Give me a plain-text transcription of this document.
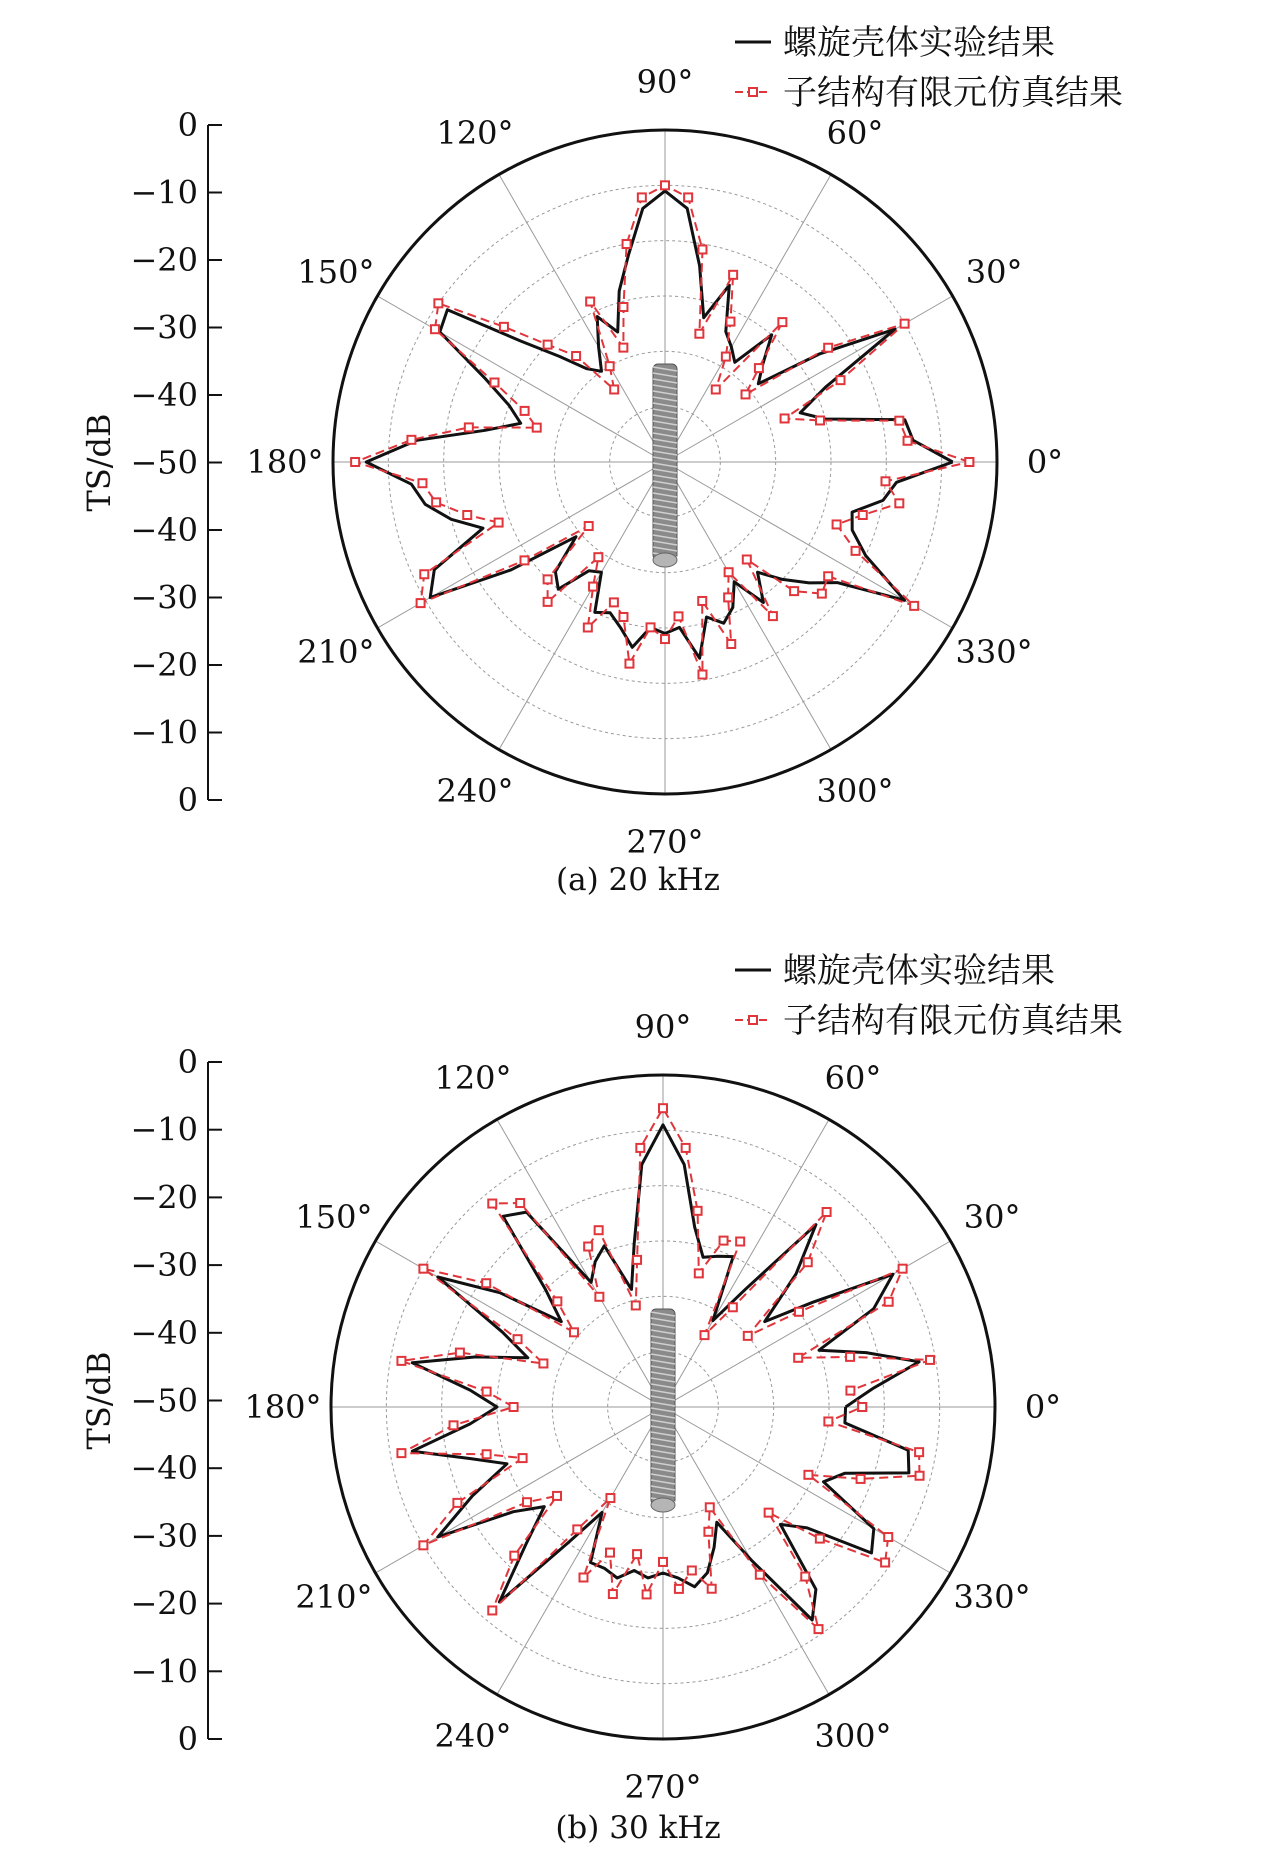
0°
30°
60°
90°
120°
150°
180°
210°
240°
270°
300°
330°
0
−10
−20
−30
−40
−50
−40
−30
−20
−10
0
TS/dB
螺旋壳体实验结果
子结构有限元仿真结果
(a) 20 kHz
0°
30°
60°
90°
120°
150°
180°
210°
240°
270°
300°
330°
0
−10
−20
−30
−40
−50
−40
−30
−20
−10
0
TS/dB
螺旋壳体实验结果
子结构有限元仿真结果
(b) 30 kHz
